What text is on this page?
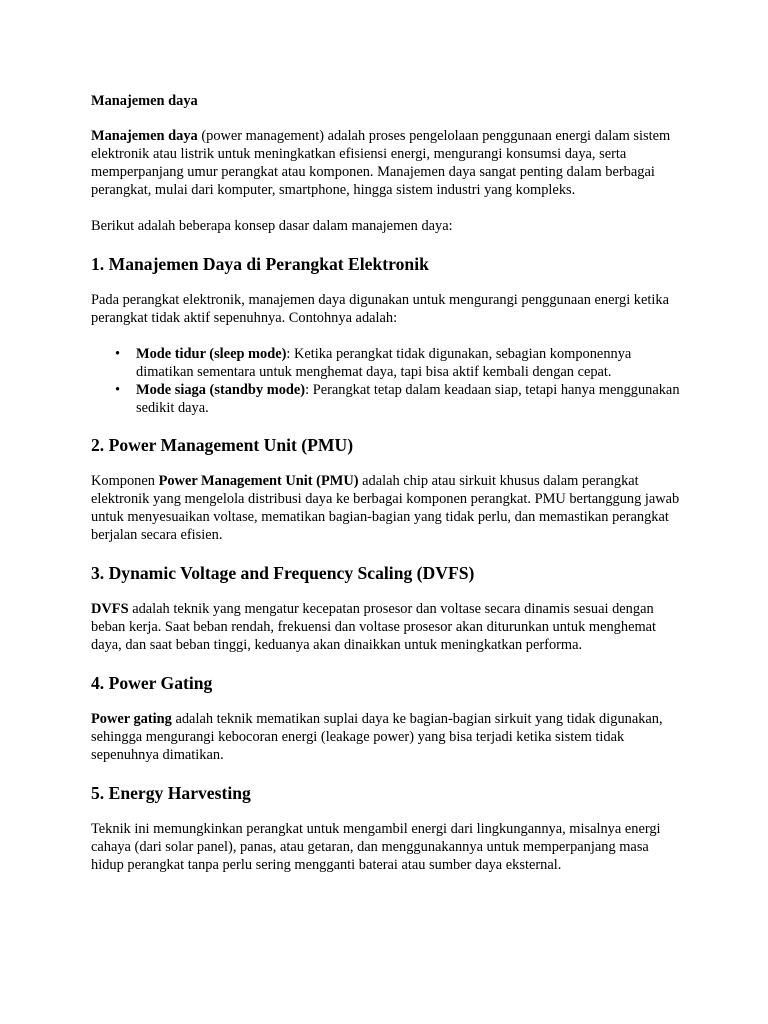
Manajemen daya

Manajemen daya (power management) adalah proses pengelolaan penggunaan energi dalam sistem elektronik atau listrik untuk meningkatkan efisiensi energi, mengurangi konsumsi daya, serta memperpanjang umur perangkat atau komponen. Manajemen daya sangat penting dalam berbagai perangkat, mulai dari komputer, smartphone, hingga sistem industri yang kompleks.

Berikut adalah beberapa konsep dasar dalam manajemen daya:

1. Manajemen Daya di Perangkat Elektronik

Pada perangkat elektronik, manajemen daya digunakan untuk mengurangi penggunaan energi ketika perangkat tidak aktif sepenuhnya. Contohnya adalah:

• Mode tidur (sleep mode): Ketika perangkat tidak digunakan, sebagian komponennya dimatikan sementara untuk menghemat daya, tapi bisa aktif kembali dengan cepat.
• Mode siaga (standby mode): Perangkat tetap dalam keadaan siap, tetapi hanya menggunakan sedikit daya.
2. Power Management Unit (PMU)

Komponen Power Management Unit (PMU) adalah chip atau sirkuit khusus dalam perangkat elektronik yang mengelola distribusi daya ke berbagai komponen perangkat. PMU bertanggung jawab untuk menyesuaikan voltase, mematikan bagian-bagian yang tidak perlu, dan memastikan perangkat berjalan secara efisien.

3. Dynamic Voltage and Frequency Scaling (DVFS)

DVFS adalah teknik yang mengatur kecepatan prosesor dan voltase secara dinamis sesuai dengan beban kerja. Saat beban rendah, frekuensi dan voltase prosesor akan diturunkan untuk menghemat daya, dan saat beban tinggi, keduanya akan dinaikkan untuk meningkatkan performa.

4. Power Gating

Power gating adalah teknik mematikan suplai daya ke bagian-bagian sirkuit yang tidak digunakan, sehingga mengurangi kebocoran energi (leakage power) yang bisa terjadi ketika sistem tidak sepenuhnya dimatikan.

5. Energy Harvesting

Teknik ini memungkinkan perangkat untuk mengambil energi dari lingkungannya, misalnya energi cahaya (dari solar panel), panas, atau getaran, dan menggunakannya untuk memperpanjang masa hidup perangkat tanpa perlu sering mengganti baterai atau sumber daya eksternal.
